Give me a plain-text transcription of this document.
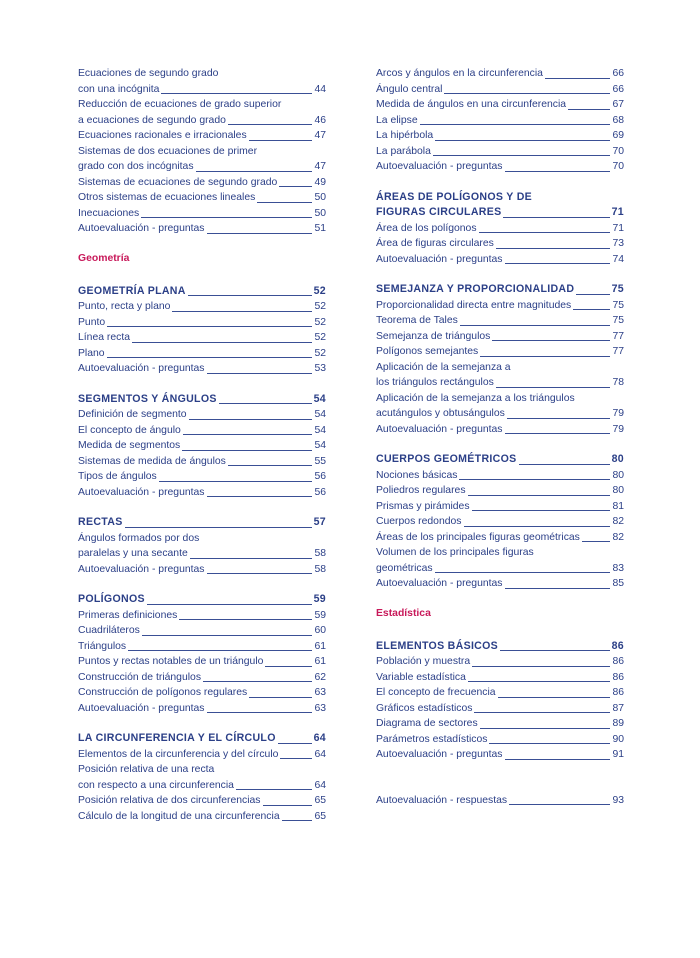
Ecuaciones de segundo grado
con una incógnita	44
Reducción de ecuaciones de grado superior
a ecuaciones de segundo grado	46
Ecuaciones racionales e irracionales	47
Sistemas de dos ecuaciones de primer
grado con dos incógnitas	47
Sistemas de ecuaciones de segundo grado	49
Otros sistemas de ecuaciones lineales	50
Inecuaciones	50
Autoevaluación - preguntas	51
Geometría
GEOMETRÍA PLANA	52
Punto, recta y plano	52
Punto	52
Línea recta	52
Plano	52
Autoevaluación - preguntas	53
SEGMENTOS Y ÁNGULOS	54
Definición de segmento	54
El concepto de ángulo	54
Medida de segmentos	54
Sistemas de medida de ángulos	55
Tipos de ángulos	56
Autoevaluación - preguntas	56
RECTAS	57
Ángulos formados por dos
paralelas y una secante	58
Autoevaluación - preguntas	58
POLÍGONOS	59
Primeras definiciones	59
Cuadriláteros	60
Triángulos	61
Puntos y rectas notables de un triángulo	61
Construcción de triángulos	62
Construcción de polígonos regulares	63
Autoevaluación - preguntas	63
LA CIRCUNFERENCIA Y EL CÍRCULO	64
Elementos de la circunferencia y del círculo	64
Posición relativa de una recta
con respecto a una circunferencia	64
Posición relativa de dos circunferencias	65
Cálculo de la longitud de una circunferencia	65
Arcos y ángulos en la circunferencia	66
Ángulo central	66
Medida de ángulos en una circunferencia	67
La elipse	68
La hipérbola	69
La parábola	70
Autoevaluación - preguntas	70
ÁREAS DE POLÍGONOS Y DE
FIGURAS CIRCULARES	71
Área de los polígonos	71
Área de figuras circulares	73
Autoevaluación - preguntas	74
SEMEJANZA Y PROPORCIONALIDAD	75
Proporcionalidad directa entre magnitudes	75
Teorema de Tales	75
Semejanza de triángulos	77
Polígonos semejantes	77
Aplicación de la semejanza a
los triángulos rectángulos	78
Aplicación de la semejanza a los triángulos
acutángulos y obtusángulos	79
Autoevaluación - preguntas	79
CUERPOS GEOMÉTRICOS	80
Nociones básicas	80
Poliedros regulares	80
Prismas y pirámides	81
Cuerpos redondos	82
Áreas de los principales figuras geométricas	82
Volumen de los principales figuras
geométricas	83
Autoevaluación - preguntas	85
Estadística
ELEMENTOS BÁSICOS	86
Población y muestra	86
Variable estadística	86
El concepto de frecuencia	86
Gráficos estadísticos	87
Diagrama de sectores	89
Parámetros estadísticos	90
Autoevaluación - preguntas	91
Autoevaluación - respuestas	93
